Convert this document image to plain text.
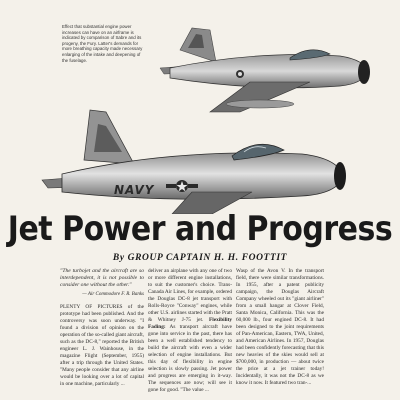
Effect that substantial engine power increases can have on an airframe is indicated by comparison of Sabre and its progeny, the Fury. Latter's demands for more breathing capacity made necessary enlarging of the intake and deepening of the fuselage.
NAVY
Jet Power and Progress
By GROUP CAPTAIN H. H. FOOTTIT
"The turbojet and the aircraft are so interdependent, it is not possible to consider one without the other."
— Air Commodore F. R. Banks
PLENTY OF PICTURES of the prototype had been published. And the controversy was soon underway. "I found a division of opinion on the operation of the so-called giant aircraft, such as the DC-8," reported the British engineer L. J. Wainhouse, in the magazine Flight (September, 1955) after a trip through the United States. "Many people consider that any airline would be looking over a lot of capital in one machine, particularly ...
deliver an airplane with any one of two or more different engine installations, to suit the customer's choice. Trans-Canada Air Lines, for example, ordered the Douglas DC-8 jet transport with Rolls-Royce "Conway" engines, while other U.S. airlines started with the Pratt & Whitney J-75 jet. Flexibility Fading: As transport aircraft have gone into service in the past, there has been a well established tendency to build the aircraft with even a wider selection of engine installations. But this day of flexibility in engine selection is slowly passing. Jet power and progress are emerging in it-way. The sequences are now; will see it gone for good. "The value ...
Wasp of the Avon V. In the transport field, there were similar transformations. In 1955, after a patent publicity campaign, the Douglas Aircraft Company wheeled out its "giant airliner" from a small hangar at Clover Field, Santa Monica, California. This was the 60,000 lb., four engined DC-8. It had been designed to the joint requirements of Pan-American, Eastern, TWA, United, and American Airlines. In 1957, Douglas had been confidently forecasting that this new heavies of the skies would sell at $700,000, in production — about twice the price at a jet trainer today! Incidentally, it was not the DC-8 as we know it now. It featured two tran-...
